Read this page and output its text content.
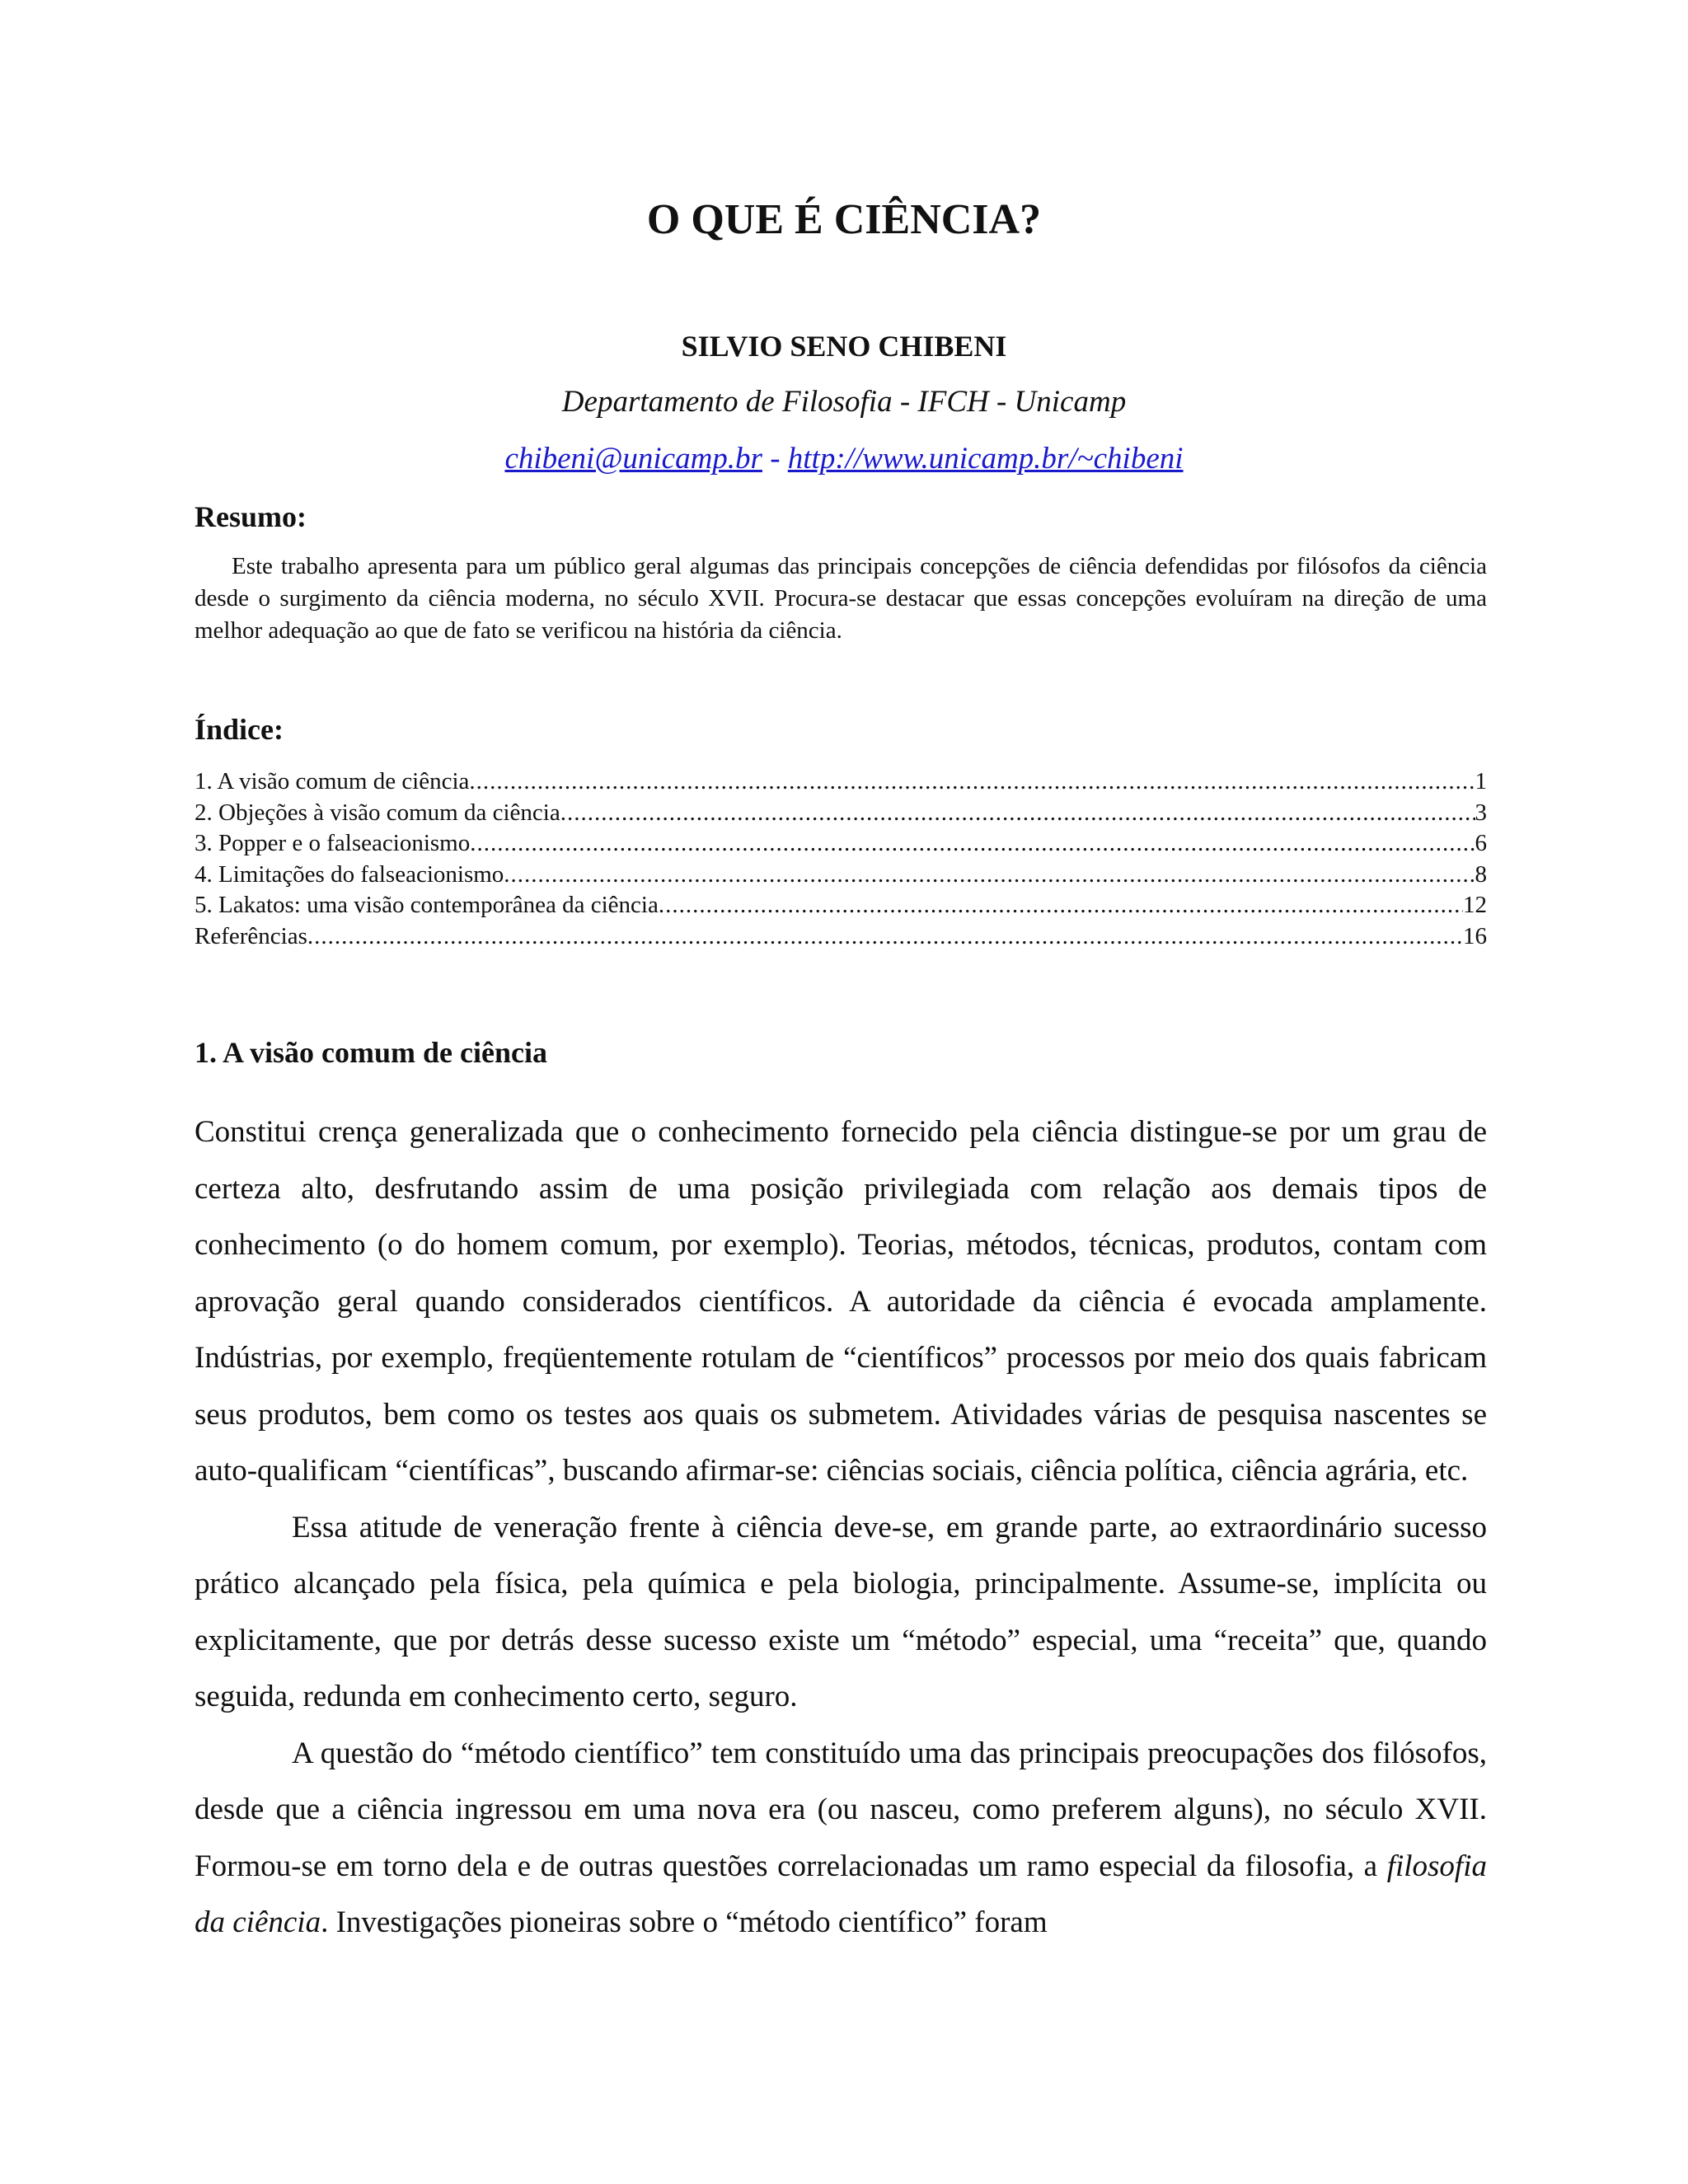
O QUE É CIÊNCIA?
SILVIO SENO CHIBENI
Departamento de Filosofia - IFCH - Unicamp
chibeni@unicamp.br - http://www.unicamp.br/~chibeni
Resumo:

Este trabalho apresenta para um público geral algumas das principais concepções de ciência defendidas por filósofos da ciência desde o surgimento da ciência moderna, no século XVII. Procura-se destacar que essas concepções evoluíram na direção de uma melhor adequação ao que de fato se verificou na história da ciência.

Índice:
1. A visão comum de ciência .....	1
2. Objeções à visão comum da ciência .....	3
3. Popper e o falseacionismo .....	6
4. Limitações do falseacionismo .....	8
5. Lakatos: uma visão contemporânea da ciência .....	12
Referências .....	16
1. A visão comum de ciência

Constitui crença generalizada que o conhecimento fornecido pela ciência distingue-se por um grau de certeza alto, desfrutando assim de uma posição privilegiada com relação aos demais tipos de conhecimento (o do homem comum, por exemplo). Teorias, métodos, técnicas, produtos, contam com aprovação geral quando considerados científicos. A autoridade da ciência é evocada amplamente. Indústrias, por exemplo, freqüentemente rotulam de “científicos” processos por meio dos quais fabricam seus produtos, bem como os testes aos quais os submetem. Atividades várias de pesquisa nascentes se auto-qualificam “científicas”, buscando afirmar-se: ciências sociais, ciência política, ciência agrária, etc.

Essa atitude de veneração frente à ciência deve-se, em grande parte, ao extraordinário sucesso prático alcançado pela física, pela química e pela biologia, principalmente. Assume-se, implícita ou explicitamente, que por detrás desse sucesso existe um “método” especial, uma “receita” que, quando seguida, redunda em conhecimento certo, seguro.

A questão do “método científico” tem constituído uma das principais preocupações dos filósofos, desde que a ciência ingressou em uma nova era (ou nasceu, como preferem alguns), no século XVII. Formou-se em torno dela e de outras questões correlacionadas um ramo especial da filosofia, a filosofia da ciência. Investigações pioneiras sobre o “método científico” foram
